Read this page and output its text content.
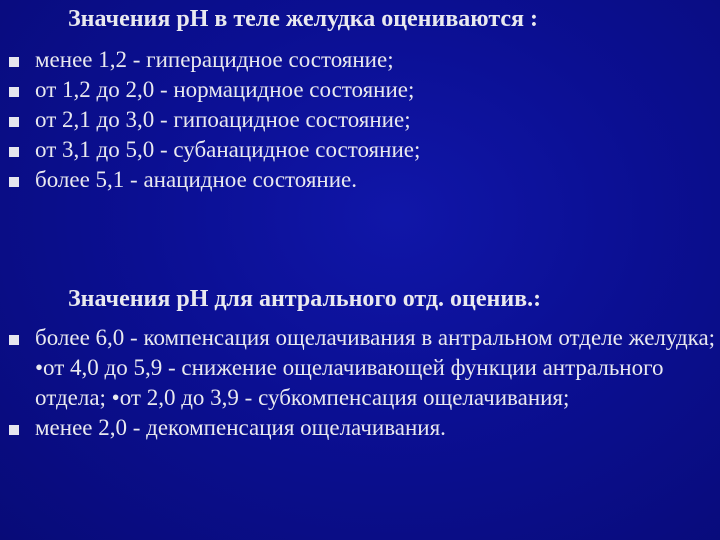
Значения рН в теле желудка оцениваются :
менее 1,2 - гиперацидное состояние;
от 1,2 до 2,0 - нормацидное состояние;
от 2,1 до 3,0 - гипоацидное состояние;
от 3,1 до 5,0 - субанацидное состояние;
более 5,1 - анацидное состояние.
Значения рН для антрального отд. оценив.:
более 6,0 - компенсация ощелачивания в антральном отделе желудка; •от 4,0 до 5,9 - снижение ощелачивающей функции антрального отдела; •от 2,0 до 3,9 - субкомпенсация ощелачивания;
менее 2,0 - декомпенсация ощелачивания.
